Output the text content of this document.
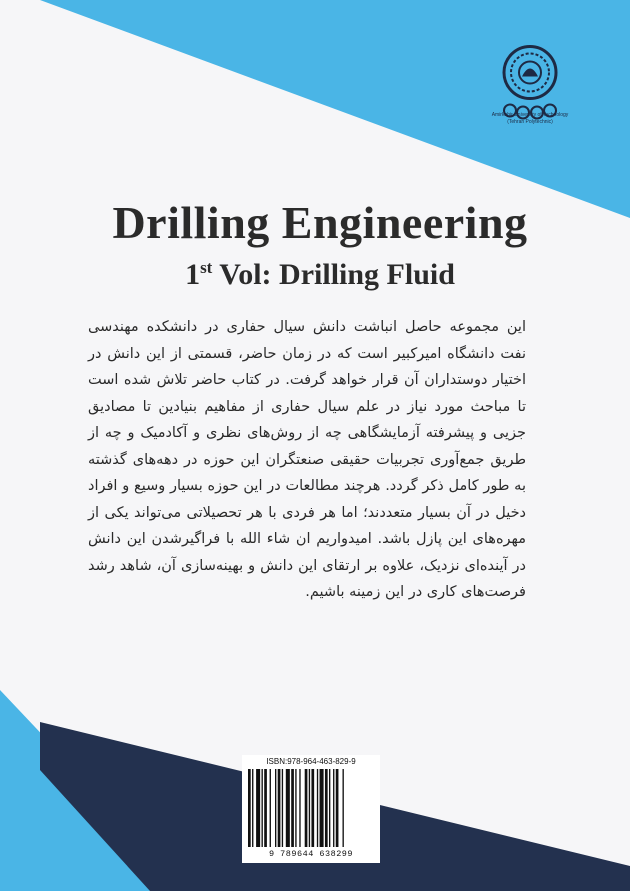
Amirkabir University of Technology
(Tehran Polytechnic)
Drilling Engineering
1st Vol: Drilling Fluid

این مجموعه حاصل انباشت دانش سیال حفاری در دانشکده مهندسی نفت دانشگاه امیرکبیر است که در زمان حاضر، قسمتی از این دانش در اختیار دوستداران آن قرار خواهد گرفت. در کتاب حاضر تلاش شده است تا مباحث مورد نیاز در علم سیال حفاری از مفاهیم بنیادین تا مصادیق جزیی و پیشرفته آزمایشگاهی چه از روش‌های نظری و آکادمیک و چه از طریق جمع‌آوری تجربیات حقیقی صنعتگران این حوزه در دهه‌های گذشته به طور کامل ذکر گردد. هرچند مطالعات در این حوزه بسیار وسیع و افراد دخیل در آن بسیار متعددند؛ اما هر فردی با هر تحصیلاتی می‌تواند یکی از مهره‌های این پازل باشد. امیدواریم ان شاء الله با فراگیرشدن این دانش در آینده‌ای نزدیک، علاوه بر ارتقای این دانش و بهینه‌سازی آن، شاهد رشد فرصت‌های کاری در این زمینه باشیم.

ISBN:978-964-463-829-9
9 789644 638299
